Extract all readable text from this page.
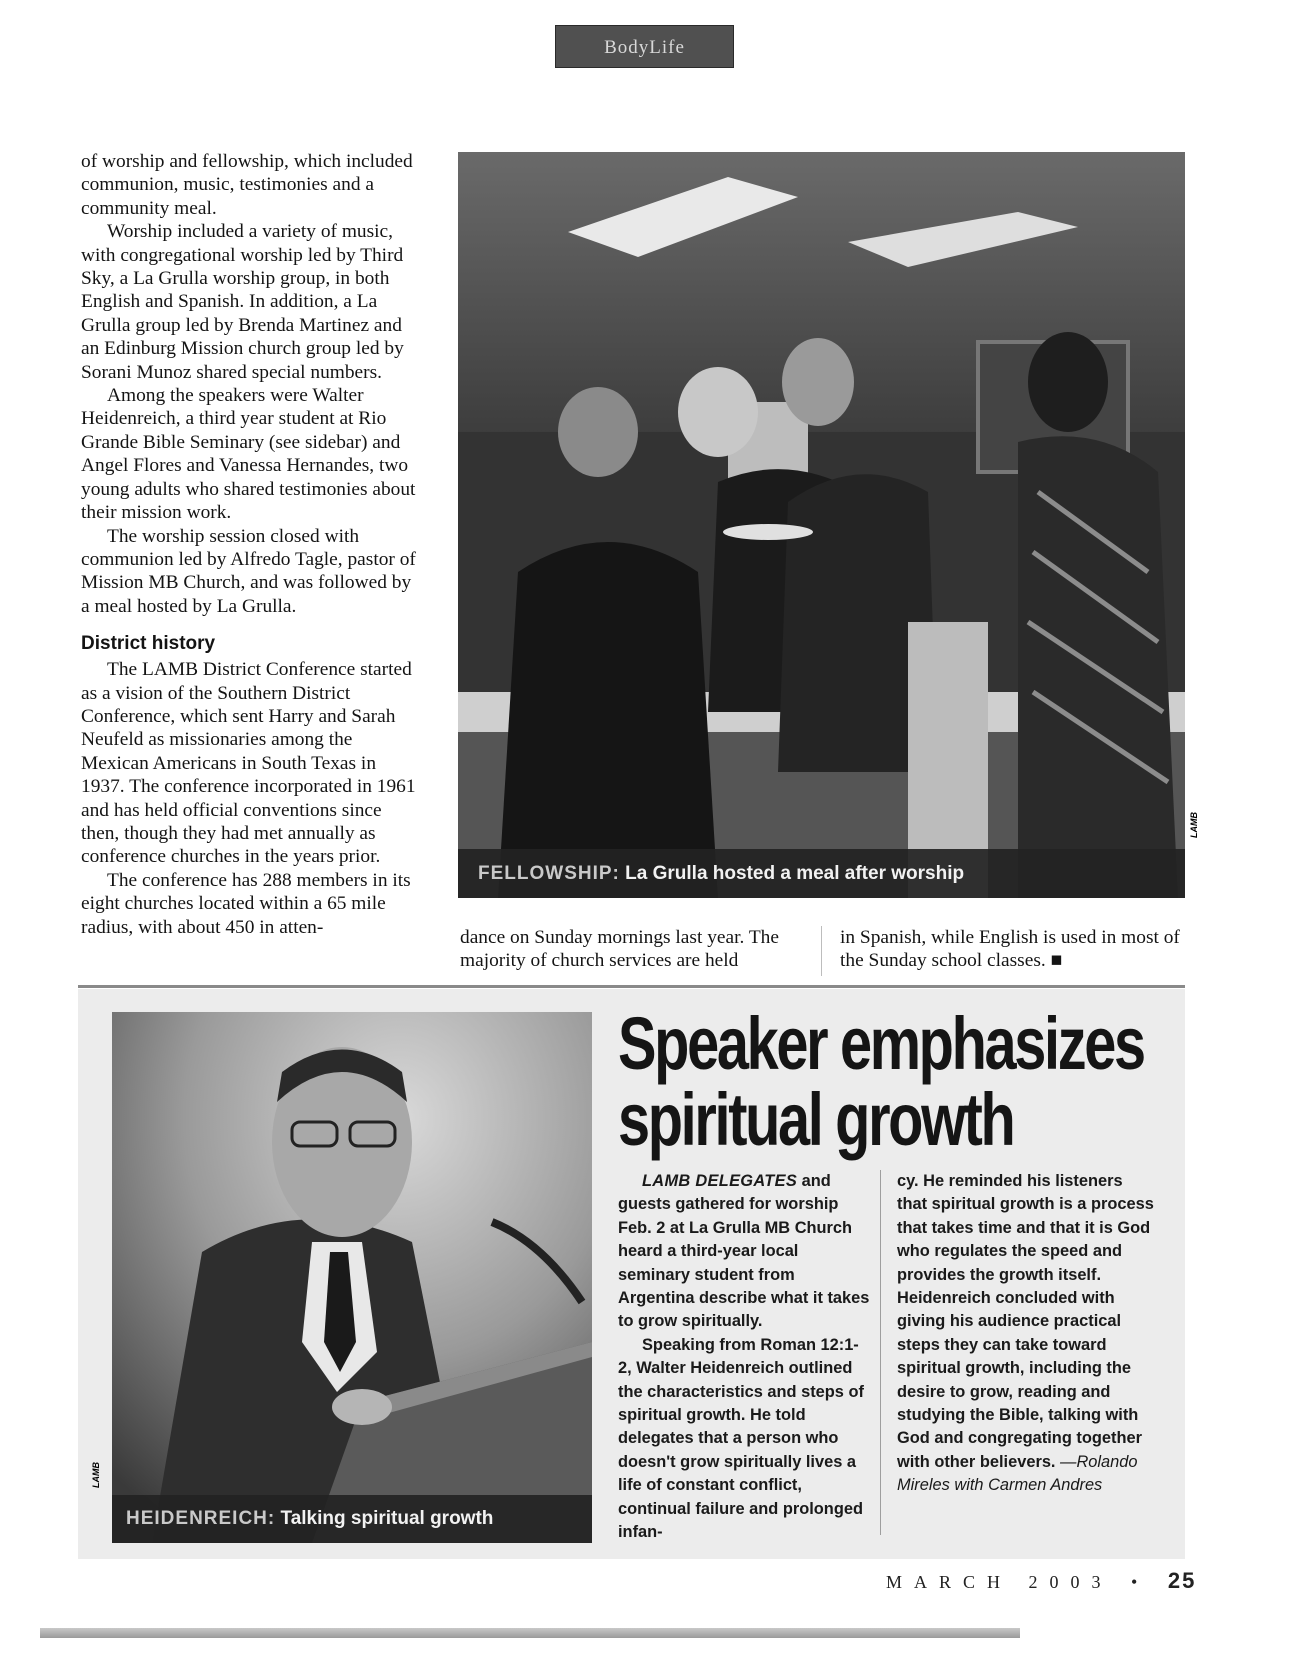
BodyLife

of worship and fellowship, which included communion, music, testimonies and a community meal.

Worship included a variety of music, with congregational worship led by Third Sky, a La Grulla worship group, in both English and Spanish. In addition, a La Grulla group led by Brenda Martinez and an Edinburg Mission church group led by Sorani Munoz shared special numbers.

Among the speakers were Walter Heidenreich, a third year student at Rio Grande Bible Seminary (see sidebar) and Angel Flores and Vanessa Hernandes, two young adults who shared testimonies about their mission work.

The worship session closed with communion led by Alfredo Tagle, pastor of Mission MB Church, and was followed by a meal hosted by La Grulla.

District history

The LAMB District Conference started as a vision of the Southern District Conference, which sent Harry and Sarah Neufeld as missionaries among the Mexican Americans in South Texas in 1937. The conference incorporated in 1961 and has held official conventions since then, though they had met annually as conference churches in the years prior.

The conference has 288 members in its eight churches located within a 65 mile radius, with about 450 in atten-

FELLOWSHIP: La Grulla hosted a meal after worship
LAMB

dance on Sunday mornings last year. The majority of church services are held

in Spanish, while English is used in most of the Sunday school classes. ■

HEIDENREICH: Talking spiritual growth
LAMB
Speaker emphasizes
spiritual growth

LAMB DELEGATES and guests gathered for worship Feb. 2 at La Grulla MB Church heard a third-year local seminary student from Argentina describe what it takes to grow spiritually.

Speaking from Roman 12:1-2, Walter Heidenreich outlined the characteristics and steps of spiritual growth. He told delegates that a person who doesn't grow spiritually lives a life of constant conflict, continual failure and prolonged infan-

cy. He reminded his listeners that spiritual growth is a process that takes time and that it is God who regulates the speed and provides the growth itself. Heidenreich concluded with giving his audience practical steps they can take toward spiritual growth, including the desire to grow, reading and studying the Bible, talking with God and congregating together with other believers. —Rolando Mireles with Carmen Andres

MARCH 2003 • 25
